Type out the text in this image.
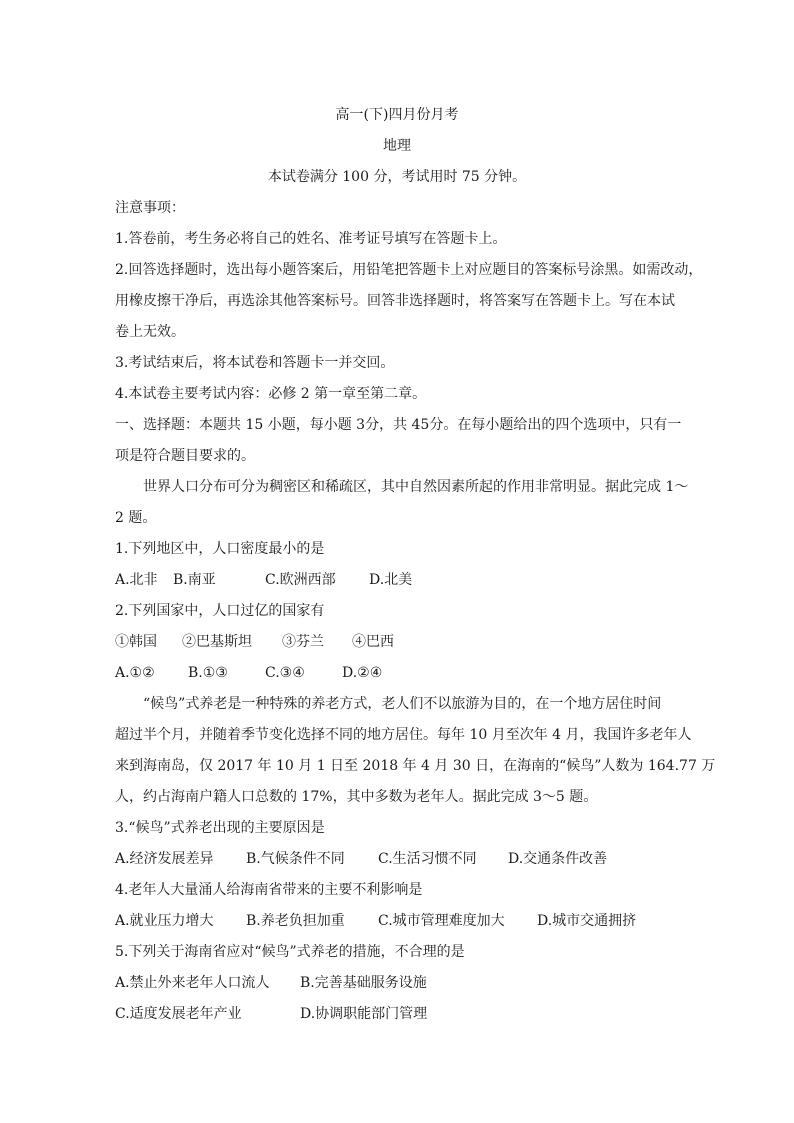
高一(下)四月份月考
地理
本试卷满分 100 分，考试用时 75 分钟。
注意事项：
1.答卷前，考生务必将自己的姓名、准考证号填写在答题卡上。
2.回答选择题时，选出每小题答案后，用铅笔把答题卡上对应题目的答案标号涂黑。如需改动，
用橡皮擦干净后，再选涂其他答案标号。回答非选择题时，将答案写在答题卡上。写在本试
卷上无效。
3.考试结束后，将本试卷和答题卡一并交回。
4.本试卷主要考试内容：必修 2 第一章至第二章。
一、选择题：本题共 15 小题，每小题 3分，共 45分。在每小题给出的四个选项中，只有一
项是符合题目要求的。
世界人口分布可分为稠密区和稀疏区，其中自然因素所起的作用非常明显。据此完成 1～
2 题。
1.下列地区中，人口密度最小的是
A.北非 B.南亚	C.欧洲西部 D.北美
2.下列国家中，人口过亿的国家有
①韩国 ②巴基斯坦 ③芬兰 ④巴西
A.①② B.①③	C.③④	D.②④
“候鸟”式养老是一种特殊的养老方式，老人们不以旅游为目的，在一个地方居住时间
超过半个月，并随着季节变化选择不同的地方居住。每年 10 月至次年 4 月，我国许多老年人
来到海南岛，仅 2017 年 10 月 1 日至 2018 年 4 月 30 日，在海南的“候鸟”人数为 164.77 万
人，约占海南户籍人口总数的 17%，其中多数为老年人。据此完成 3～5 题。
3.“候鸟”式养老出现的主要原因是
A.经济发展差异 B.气候条件不同 C.生活习惯不同 D.交通条件改善
4.老年人大量涌人给海南省带来的主要不利影响是
A.就业压力增大 B.养老负担加重 C.城市管理难度加大 D.城市交通拥挤
5.下列关于海南省应对“候鸟”式养老的措施，不合理的是
A.禁止外来老年人口流人 B.完善基础服务设施
C.适度发展老年产业	D.协调职能部门管理
